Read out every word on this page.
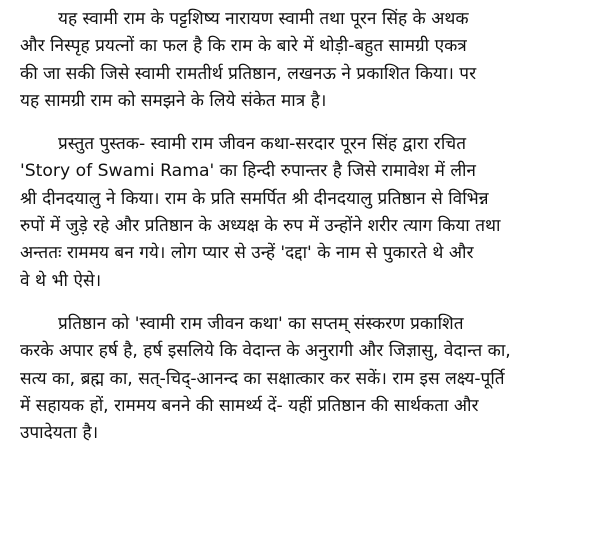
यह स्वामी राम के पट्टशिष्य नारायण स्वामी तथा पूरन सिंह के अथक
और निस्पृह प्रयत्नों का फल है कि राम के बारे में थोड़ी-बहुत सामग्री एकत्र
की जा सकी जिसे स्वामी रामतीर्थ प्रतिष्ठान, लखनऊ ने प्रकाशित किया। पर
यह सामग्री राम को समझने के लिये संकेत मात्र है।
प्रस्तुत पुस्तक- स्वामी राम जीवन कथा-सरदार पूरन सिंह द्वारा रचित
'Story of Swami Rama' का हिन्दी रुपान्तर है जिसे रामावेश में लीन
श्री दीनदयालु ने किया। राम के प्रति समर्पित श्री दीनदयालु प्रतिष्ठान से विभिन्न
रुपों में जुड़े रहे और प्रतिष्ठान के अध्यक्ष के रुप में उन्होंने शरीर त्याग किया तथा
अन्ततः राममय बन गये। लोग प्यार से उन्हें 'दद्दा' के नाम से पुकारते थे और
वे थे भी ऐसे।
प्रतिष्ठान को 'स्वामी राम जीवन कथा' का सप्तम् संस्करण प्रकाशित
करके अपार हर्ष है, हर्ष इसलिये कि वेदान्त के अनुरागी और जिज्ञासु, वेदान्त का,
सत्य का, ब्रह्म का, सत्-चिद्-आनन्द का सक्षात्कार कर सकें। राम इस लक्ष्य-पूर्ति
में सहायक हों, राममय बनने की सामर्थ्य दें- यहीं प्रतिष्ठान की सार्थकता और
उपादेयता है।
